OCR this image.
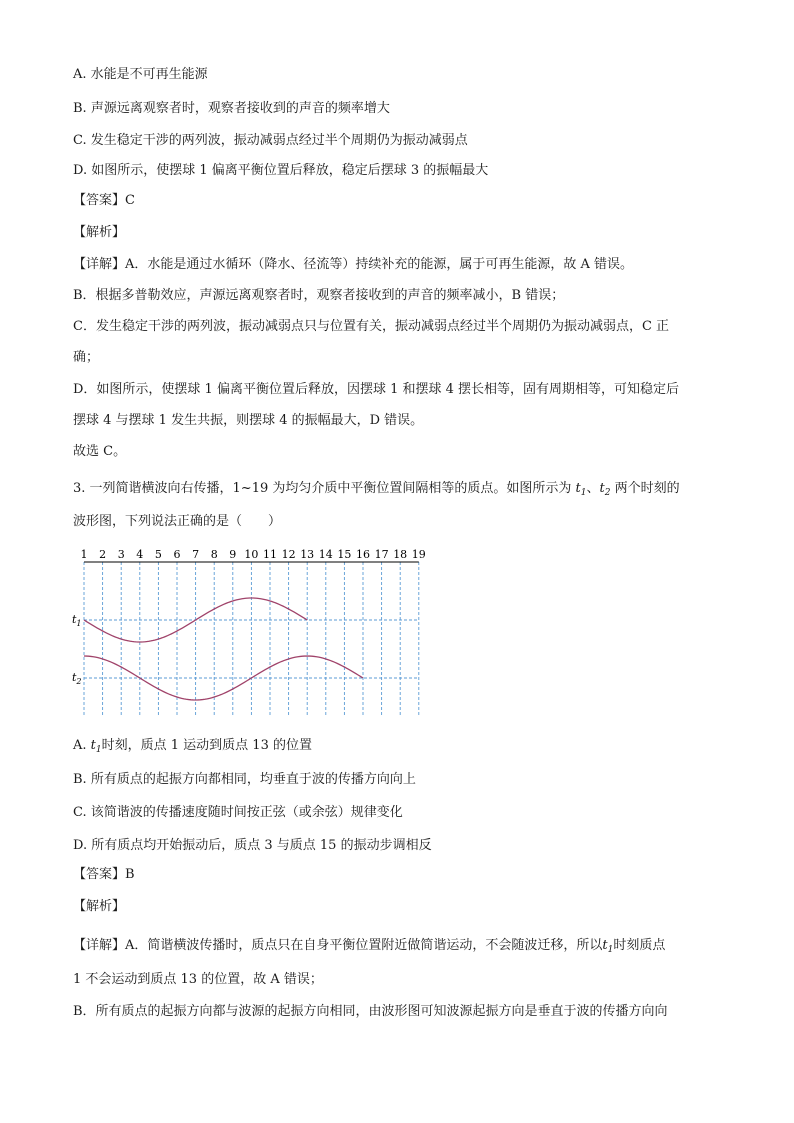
A. 水能是不可再生能源
B. 声源远离观察者时，观察者接收到的声音的频率增大
C. 发生稳定干涉的两列波，振动减弱点经过半个周期仍为振动减弱点
D. 如图所示，使摆球 1 偏离平衡位置后释放，稳定后摆球 3 的振幅最大
【答案】C
【解析】
【详解】A．水能是通过水循环（降水、径流等）持续补充的能源，属于可再生能源，故 A 错误。
B．根据多普勒效应，声源远离观察者时，观察者接收到的声音的频率减小，B 错误；
C．发生稳定干涉的两列波，振动减弱点只与位置有关，振动减弱点经过半个周期仍为振动减弱点，C 正
确；
D．如图所示，使摆球 1 偏离平衡位置后释放，因摆球 1 和摆球 4 摆长相等，固有周期相等，可知稳定后
摆球 4 与摆球 1 发生共振，则摆球 4 的振幅最大，D 错误。
故选 C。
3. 一列简谐横波向右传播，1~19 为均匀介质中平衡位置间隔相等的质点。如图所示为 $t_1$、$t_2$ 两个时刻的
波形图，下列说法正确的是（　　）
1 2 3 4 5 6 7 8 9 10 11 12 13 14 15 16 17 18 19
$t_1$
$t_2$
A. $t_1$时刻，质点 1 运动到质点 13 的位置
B. 所有质点的起振方向都相同，均垂直于波的传播方向向上
C. 该简谐波的传播速度随时间按正弦（或余弦）规律变化
D. 所有质点均开始振动后，质点 3 与质点 15 的振动步调相反
【答案】B
【解析】
【详解】A．简谐横波传播时，质点只在自身平衡位置附近做简谐运动，不会随波迁移，所以$t_1$时刻质点
1 不会运动到质点 13 的位置，故 A 错误；
B．所有质点的起振方向都与波源的起振方向相同，由波形图可知波源起振方向是垂直于波的传播方向向
